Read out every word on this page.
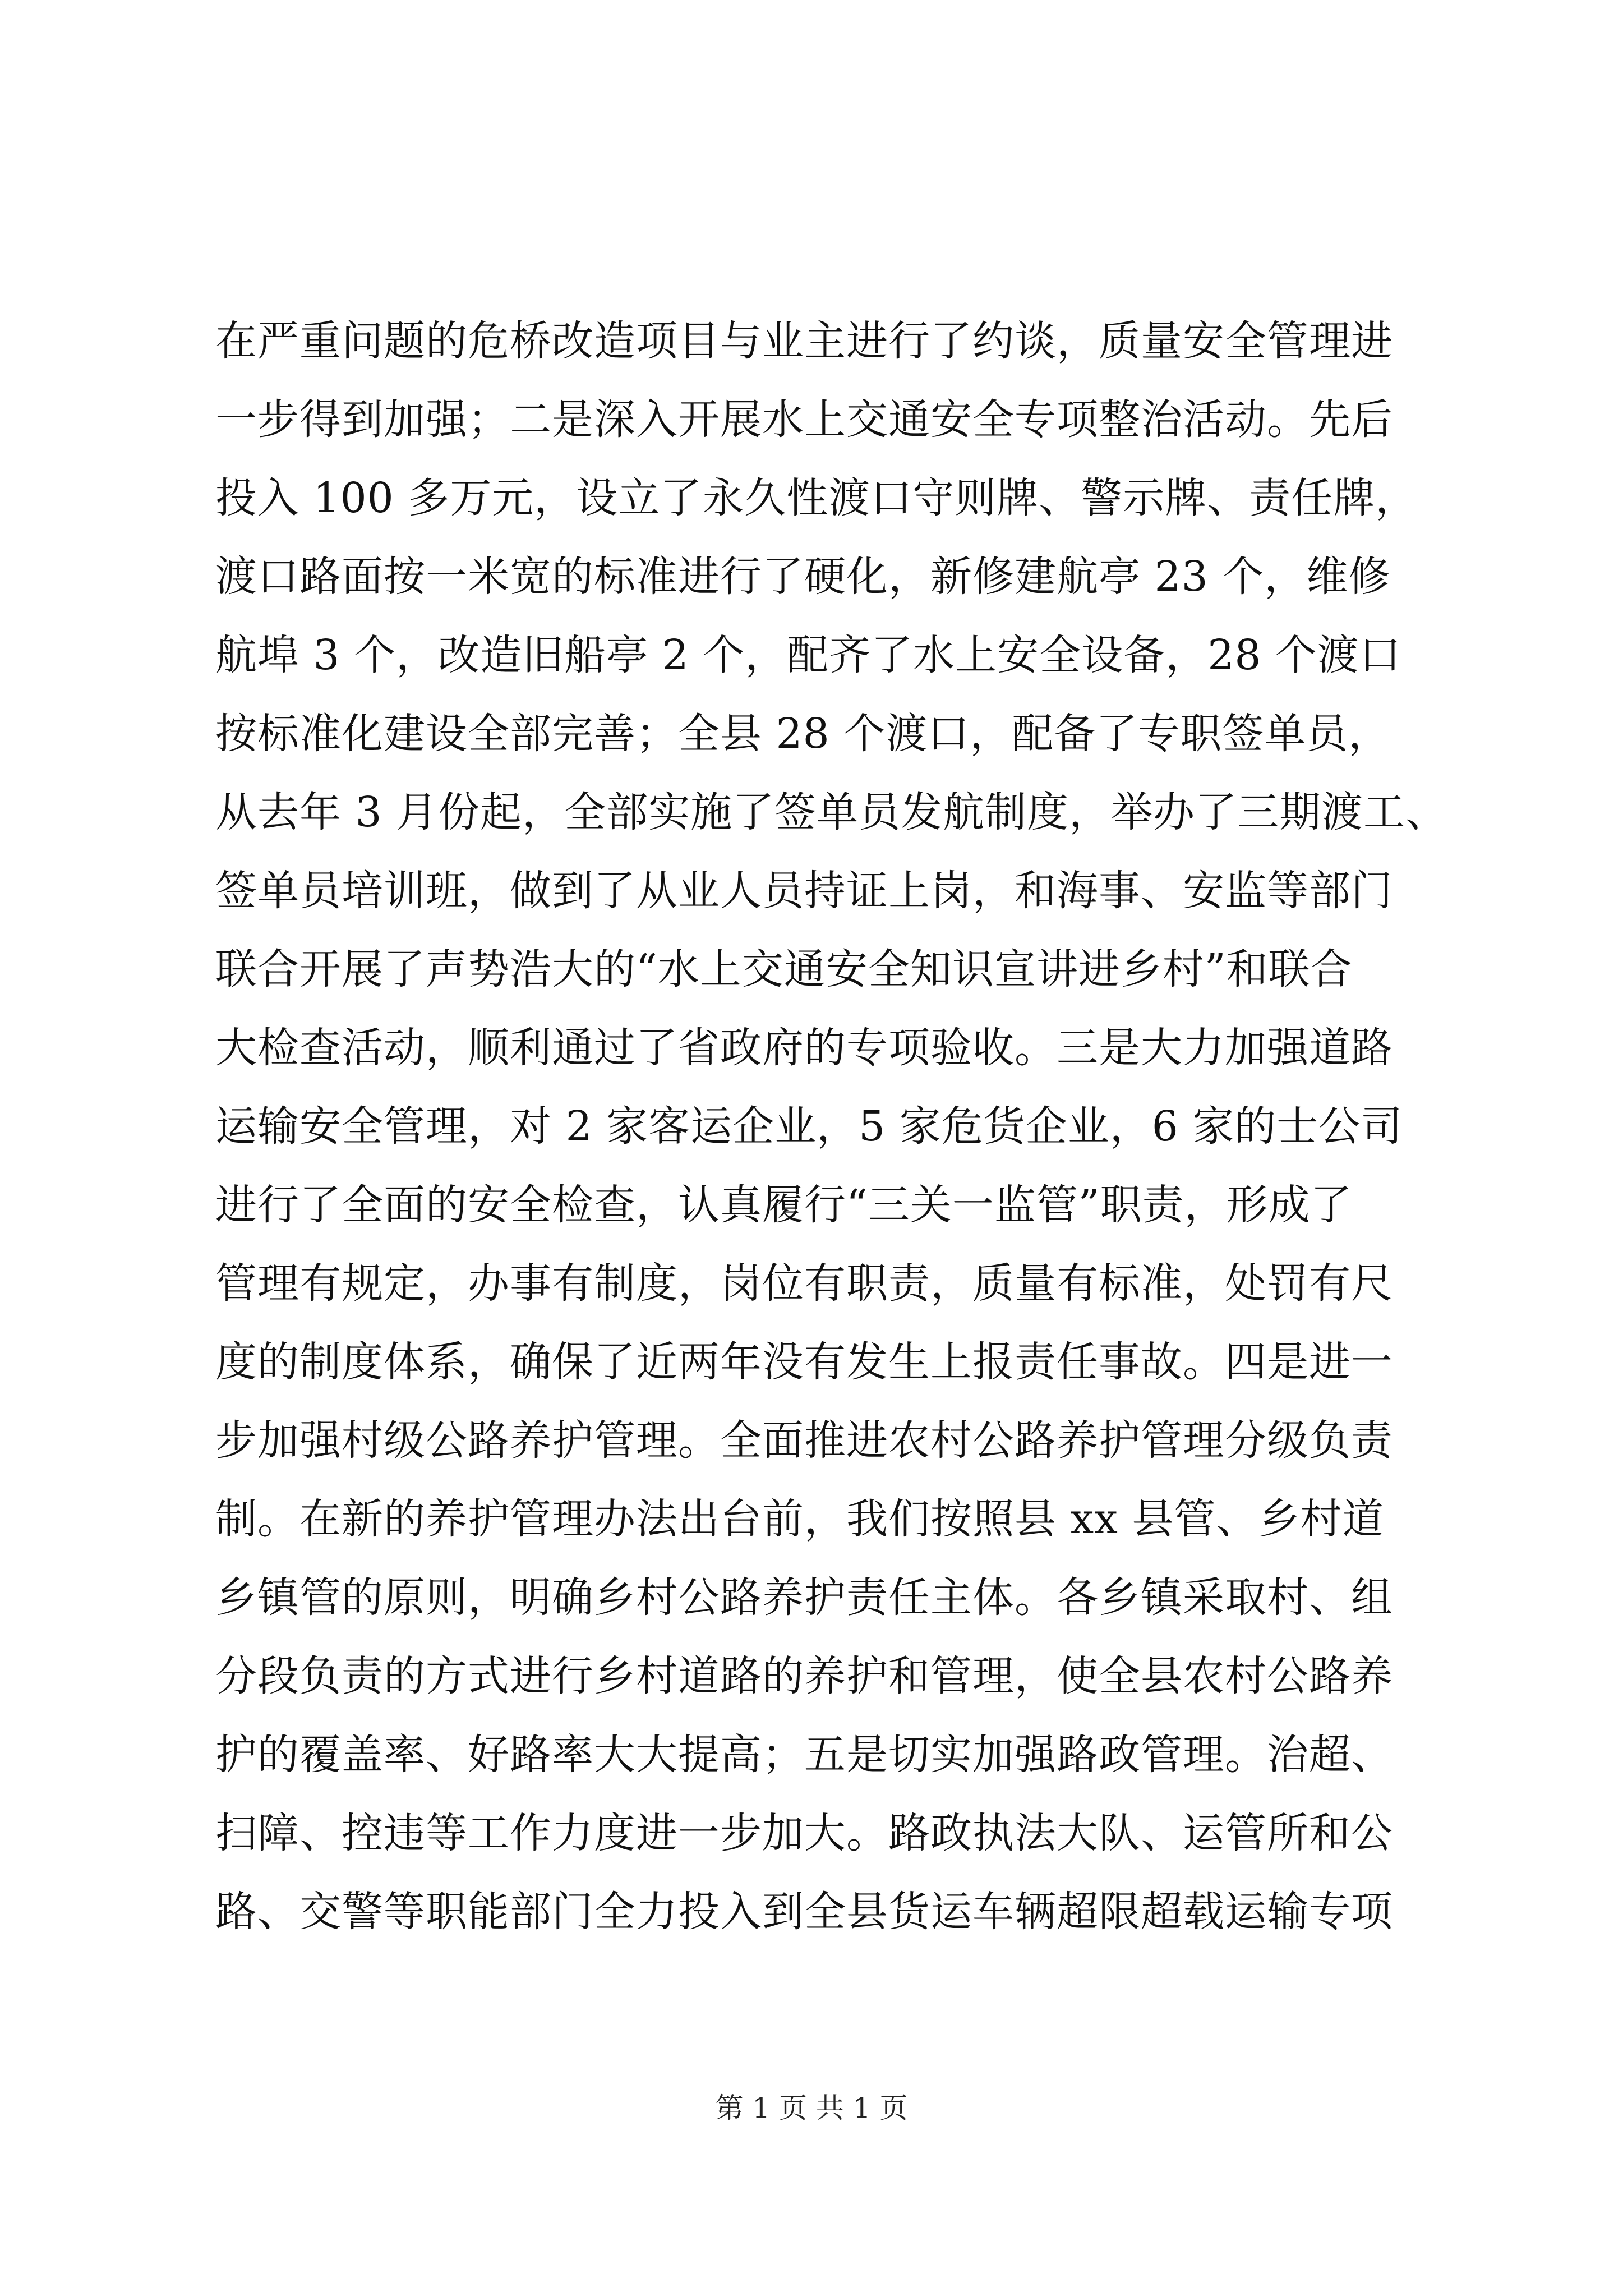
在严重问题的危桥改造项目与业主进行了约谈，质量安全管理进
一步得到加强；二是深入开展水上交通安全专项整治活动。先后
投入 100 多万元，设立了永久性渡口守则牌、警示牌、责任牌，
渡口路面按一米宽的标准进行了硬化，新修建航亭 23 个，维修
航埠 3 个，改造旧船亭 2 个，配齐了水上安全设备，28 个渡口
按标准化建设全部完善；全县 28 个渡口，配备了专职签单员，
从去年 3 月份起，全部实施了签单员发航制度，举办了三期渡工、
签单员培训班，做到了从业人员持证上岗，和海事、安监等部门
联合开展了声势浩大的“水上交通安全知识宣讲进乡村”和联合
大检查活动，顺利通过了省政府的专项验收。三是大力加强道路
运输安全管理，对 2 家客运企业，5 家危货企业，6 家的士公司
进行了全面的安全检查，认真履行“三关一监管”职责，形成了
管理有规定，办事有制度，岗位有职责，质量有标准，处罚有尺
度的制度体系，确保了近两年没有发生上报责任事故。四是进一
步加强村级公路养护管理。全面推进农村公路养护管理分级负责
制。在新的养护管理办法出台前，我们按照县 xx 县管、乡村道
乡镇管的原则，明确乡村公路养护责任主体。各乡镇采取村、组
分段负责的方式进行乡村道路的养护和管理，使全县农村公路养
护的覆盖率、好路率大大提高；五是切实加强路政管理。治超、
扫障、控违等工作力度进一步加大。路政执法大队、运管所和公
路、交警等职能部门全力投入到全县货运车辆超限超载运输专项
第 1 页 共 1 页
